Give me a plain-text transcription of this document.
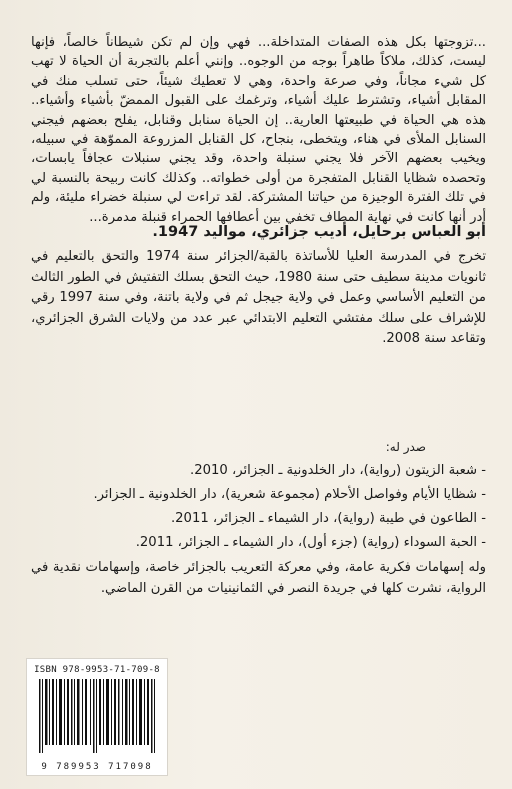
...تزوجتها بكل هذه الصفات المتداخلة... فهي وإن لم تكن شيطاناً خالصاً، فإنها ليست، كذلك، ملاكاً طاهراً بوجه من الوجوه.. وإنني أعلم بالتجربة أن الحياة لا تهب كل شيء مجاناً، وفي صرعة واحدة، وهي لا تعطيك شيئاً، حتى تسلب منك في المقابل أشياء، وتشترط عليك أشياء، وترغمك على القبول الممضّ بأشياء وأشياء.. هذه هي الحياة في طبيعتها العارية.. إن الحياة سنابل وقنابل، يفلح بعضهم فيجني السنابل الملأى في هناء، ويتخطى، بنجاح، كل القنابل المزروعة المموّهة في سبيله، ويخيب بعضهم الآخر فلا يجني سنبلة واحدة، وقد يجني سنبلات عجافاً يابسات، وتحصده شظايا القنابل المتفجرة من أولى خطواته.. وكذلك كانت ربيحة بالنسبة لي في تلك الفترة الوجيزة من حياتنا المشتركة. لقد تراءت لي سنبلة خضراء مليئة، ولم أدر أنها كانت في نهاية المطاف تخفي بين أعطافها الحمراء قنبلة مدمرة...

أبو العباس برحايل، أديب جزائري، مواليد 1947.

تخرج في المدرسة العليا للأساتذة بالقبة/الجزائر سنة 1974 والتحق بالتعليم في ثانويات مدينة سطيف حتى سنة 1980، حيث التحق بسلك التفتيش في الطور الثالث من التعليم الأساسي وعمل في ولاية جيجل ثم في ولاية باتنة، وفي سنة 1997 رقي للإشراف على سلك مفتشي التعليم الابتدائي عبر عدد من ولايات الشرق الجزائري، وتقاعد سنة 2008.

صدر له:

- شعبة الزيتون (رواية)، دار الخلدونية ـ الجزائر، 2010.
- شظايا الأيام وفواصل الأحلام (مجموعة شعرية)، دار الخلدونية ـ الجزائر.
- الطاعون في طيبة (رواية)، دار الشيماء ـ الجزائر، 2011.
- الحبة السوداء (رواية) (جزء أول)، دار الشيماء ـ الجزائر، 2011.

وله إسهامات فكرية عامة، وفي معركة التعريب بالجزائر خاصة، وإسهامات نقدية في الرواية، نشرت كلها في جريدة النصر في الثمانينيات من القرن الماضي.

ISBN 978-9953-71-709-8
9 789953 717098
